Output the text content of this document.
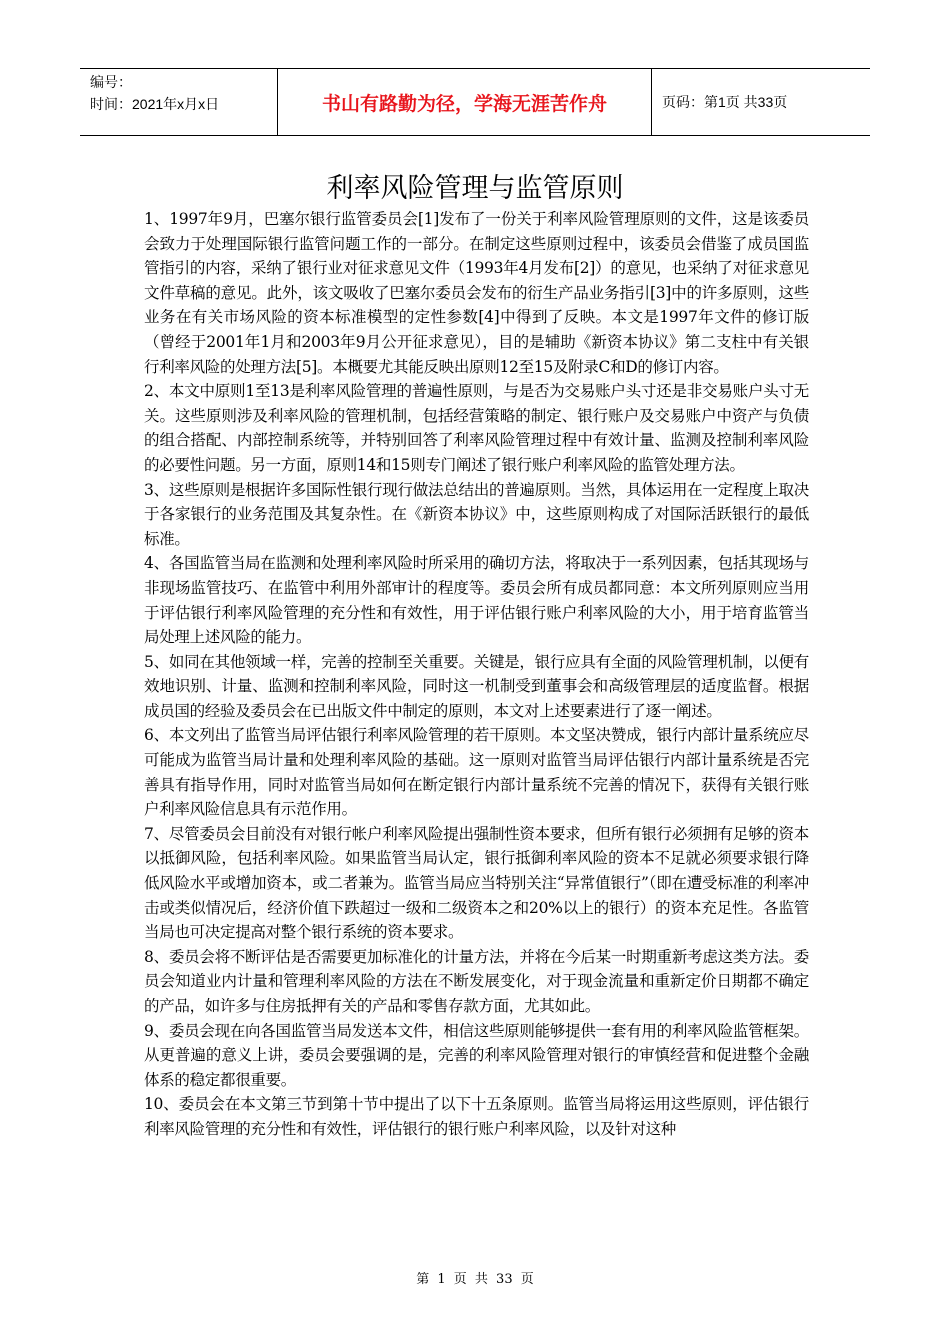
编号：
时间：2021年x月x日	书山有路勤为径，学海无涯苦作舟	页码：第1页 共33页
利率风险管理与监管原则

1、1997年9月，巴塞尔银行监管委员会[1]发布了一份关于利率风险管理原则的文件，这是该委员会致力于处理国际银行监管问题工作的一部分。在制定这些原则过程中，该委员会借鉴了成员国监管指引的内容，采纳了银行业对征求意见文件（1993年4月发布[2]）的意见，也采纳了对征求意见文件草稿的意见。此外，该文吸收了巴塞尔委员会发布的衍生产品业务指引[3]中的许多原则，这些业务在有关市场风险的资本标准模型的定性参数[4]中得到了反映。本文是1997年文件的修订版（曾经于2001年1月和2003年9月公开征求意见），目的是辅助《新资本协议》第二支柱中有关银行利率风险的处理方法[5]。本概要尤其能反映出原则12至15及附录C和D的修订内容。

2、本文中原则1至13是利率风险管理的普遍性原则，与是否为交易账户头寸还是非交易账户头寸无关。这些原则涉及利率风险的管理机制，包括经营策略的制定、银行账户及交易账户中资产与负债的组合搭配、内部控制系统等，并特别回答了利率风险管理过程中有效计量、监测及控制利率风险的必要性问题。另一方面，原则14和15则专门阐述了银行账户利率风险的监管处理方法。

3、这些原则是根据许多国际性银行现行做法总结出的普遍原则。当然，具体运用在一定程度上取决于各家银行的业务范围及其复杂性。在《新资本协议》中，这些原则构成了对国际活跃银行的最低标准。

4、各国监管当局在监测和处理利率风险时所采用的确切方法，将取决于一系列因素，包括其现场与非现场监管技巧、在监管中利用外部审计的程度等。委员会所有成员都同意：本文所列原则应当用于评估银行利率风险管理的充分性和有效性，用于评估银行账户利率风险的大小，用于培育监管当局处理上述风险的能力。

5、如同在其他领域一样，完善的控制至关重要。关键是，银行应具有全面的风险管理机制，以便有效地识别、计量、监测和控制利率风险，同时这一机制受到董事会和高级管理层的适度监督。根据成员国的经验及委员会在已出版文件中制定的原则，本文对上述要素进行了逐一阐述。

6、本文列出了监管当局评估银行利率风险管理的若干原则。本文坚决赞成，银行内部计量系统应尽可能成为监管当局计量和处理利率风险的基础。这一原则对监管当局评估银行内部计量系统是否完善具有指导作用，同时对监管当局如何在断定银行内部计量系统不完善的情况下，获得有关银行账户利率风险信息具有示范作用。

7、尽管委员会目前没有对银行帐户利率风险提出强制性资本要求，但所有银行必须拥有足够的资本以抵御风险，包括利率风险。如果监管当局认定，银行抵御利率风险的资本不足就必须要求银行降低风险水平或增加资本，或二者兼为。监管当局应当特别关注“异常值银行”（即在遭受标准的利率冲击或类似情况后，经济价值下跌超过一级和二级资本之和20%以上的银行）的资本充足性。各监管当局也可决定提高对整个银行系统的资本要求。

8、委员会将不断评估是否需要更加标准化的计量方法，并将在今后某一时期重新考虑这类方法。委员会知道业内计量和管理利率风险的方法在不断发展变化，对于现金流量和重新定价日期都不确定的产品，如许多与住房抵押有关的产品和零售存款方面，尤其如此。

9、委员会现在向各国监管当局发送本文件，相信这些原则能够提供一套有用的利率风险监管框架。从更普遍的意义上讲，委员会要强调的是，完善的利率风险管理对银行的审慎经营和促进整个金融体系的稳定都很重要。

10、委员会在本文第三节到第十节中提出了以下十五条原则。监管当局将运用这些原则，评估银行利率风险管理的充分性和有效性，评估银行的银行账户利率风险，以及针对这种

第 1 页 共 33 页
